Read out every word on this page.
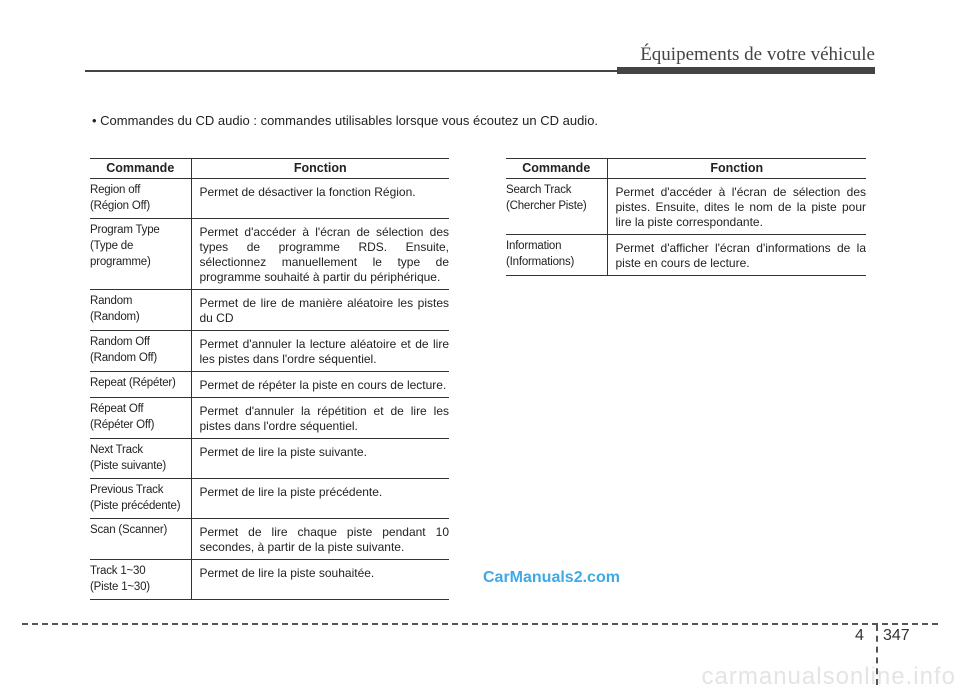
Équipements de votre véhicule
• Commandes du CD audio : commandes utilisables lorsque vous écoutez un CD audio.
Commande	Fonction
Region off
(Région Off)	Permet de désactiver la fonction Région.
Program Type
(Type de
programme)	Permet d'accéder à l'écran de sélection des types de programme RDS. Ensuite, sélectionnez manuellement le type de programme souhaité à partir du périphérique.
Random
(Random)	Permet de lire de manière aléatoire les pistes du CD
Random Off
(Random Off)	Permet d'annuler la lecture aléatoire et de lire les pistes dans l'ordre séquentiel.
Repeat (Répéter)	Permet de répéter la piste en cours de lecture.
Répeat Off
(Répéter Off)	Permet d'annuler la répétition et de lire les pistes dans l'ordre séquentiel.
Next Track
(Piste suivante)	Permet de lire la piste suivante.
Previous Track
(Piste précédente)	Permet de lire la piste précédente.
Scan (Scanner)	Permet de lire chaque piste pendant 10 secondes, à partir de la piste suivante.
Track 1~30
(Piste 1~30)	Permet de lire la piste souhaitée.
Commande	Fonction
Search Track
(Chercher Piste)	Permet d'accéder à l'écran de sélection des pistes. Ensuite, dites le nom de la piste pour lire la piste correspondante.
Information
(Informations)	Permet d'afficher l'écran d'informations de la piste en cours de lecture.
CarManuals2.com
4 347
carmanualsonline.info
